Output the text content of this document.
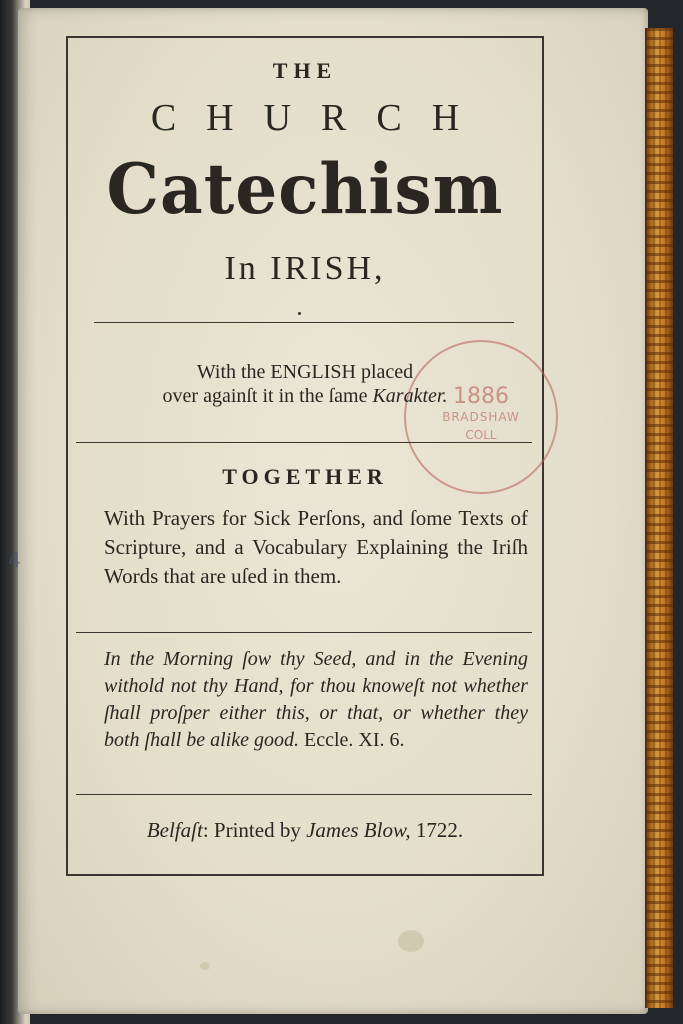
THE
CHURCH
Catechism
In IRISH,
1886
BRADSHAW
COLL
With the ENGLISH placed
over againſt it in the ſame Karakter.
TOGETHER
With Prayers for Sick Perſons, and ſome Texts of Scripture, and a Vocabulary Explaining the Iriſh Words that are uſed in them.
In the Morning ſow thy Seed, and in the Evening withold not thy Hand, for thou knoweſt not whether ſhall proſper either this, or that, or whether they both ſhall be alike good. Eccle. XI. 6.
Belfaſt: Printed by James Blow, 1722.
4
